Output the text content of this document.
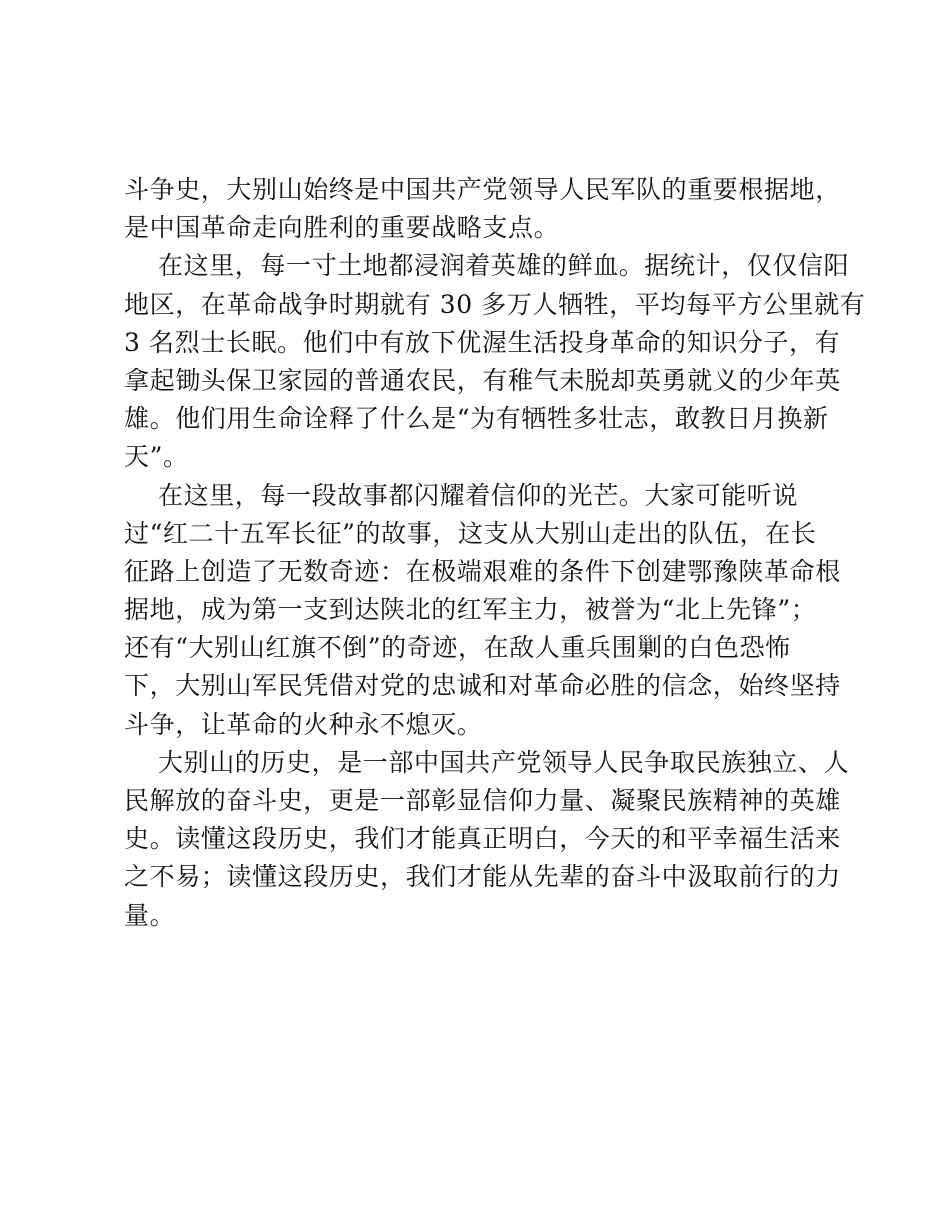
斗争史，大别山始终是中国共产党领导人民军队的重要根据地，
是中国革命走向胜利的重要战略支点。
在这里，每一寸土地都浸润着英雄的鲜血。据统计，仅仅信阳
地区，在革命战争时期就有 30 多万人牺牲，平均每平方公里就有
3 名烈士长眠。他们中有放下优渥生活投身革命的知识分子，有
拿起锄头保卫家园的普通农民，有稚气未脱却英勇就义的少年英
雄。他们用生命诠释了什么是“为有牺牲多壮志，敢教日月换新
天”。
在这里，每一段故事都闪耀着信仰的光芒。大家可能听说
过“红二十五军长征”的故事，这支从大别山走出的队伍，在长
征路上创造了无数奇迹：在极端艰难的条件下创建鄂豫陕革命根
据地，成为第一支到达陕北的红军主力，被誉为“北上先锋”；
还有“大别山红旗不倒”的奇迹，在敌人重兵围剿的白色恐怖
下，大别山军民凭借对党的忠诚和对革命必胜的信念，始终坚持
斗争，让革命的火种永不熄灭。
大别山的历史，是一部中国共产党领导人民争取民族独立、人
民解放的奋斗史，更是一部彰显信仰力量、凝聚民族精神的英雄
史。读懂这段历史，我们才能真正明白，今天的和平幸福生活来
之不易；读懂这段历史，我们才能从先辈的奋斗中汲取前行的力
量。
